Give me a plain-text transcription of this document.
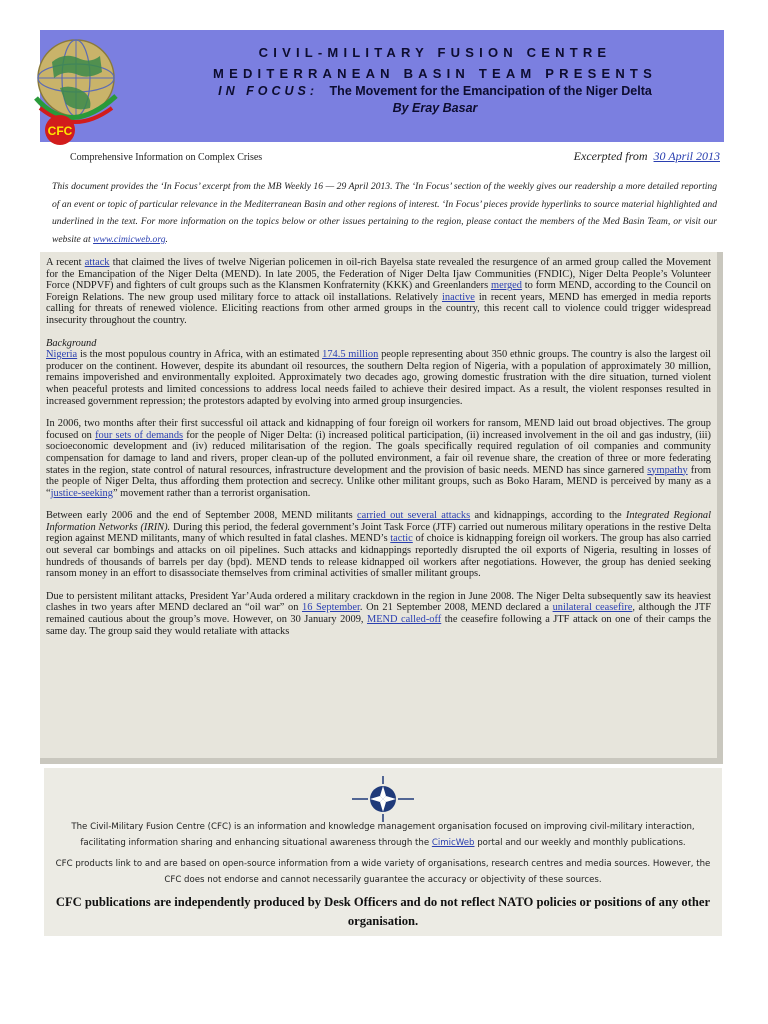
CFC
CIVIL-MILITARY FUSION CENTRE
MEDITERRANEAN BASIN TEAM PRESENTS
IN FOCUS: The Movement for the Emancipation of the Niger Delta
By Eray Basar
Comprehensive Information on Complex Crises	Excerpted from 30 April 2013
This document provides the ‘In Focus’ excerpt from the MB Weekly 16 — 29 April 2013. The ‘In Focus’ section of the weekly gives our readership a more detailed reporting of an event or topic of particular relevance in the Mediterranean Basin and other regions of interest. ‘In Focus’ pieces provide hyperlinks to source material highlighted and underlined in the text. For more information on the topics below or other issues pertaining to the region, please contact the members of the Med Basin Team, or visit our website at www.cimicweb.org.

A recent attack that claimed the lives of twelve Nigerian policemen in oil-rich Bayelsa state revealed the resurgence of an armed group called the Movement for the Emancipation of the Niger Delta (MEND). In late 2005, the Federation of Niger Delta Ijaw Communities (FNDIC), Niger Delta People’s Volunteer Force (NDPVF) and fighters of cult groups such as the Klansmen Konfraternity (KKK) and Greenlanders merged to form MEND, according to the Council on Foreign Relations. The new group used military force to attack oil installations. Relatively inactive in recent years, MEND has emerged in media reports calling for threats of renewed violence. Eliciting reactions from other armed groups in the country, this recent call to violence could trigger widespread insecurity throughout the country.

Background

Nigeria is the most populous country in Africa, with an estimated 174.5 million people representing about 350 ethnic groups. The country is also the largest oil producer on the continent. However, despite its abundant oil resources, the southern Delta region of Nigeria, with a population of approximately 30 million, remains impoverished and environmentally exploited. Approximately two decades ago, growing domestic frustration with the dire situation, turned violent when peaceful protests and limited concessions to address local needs failed to achieve their desired impact. As a result, the violent responses resulted in increased government repression; the protestors adapted by evolving into armed group insurgencies.

In 2006, two months after their first successful oil attack and kidnapping of four foreign oil workers for ransom, MEND laid out broad objectives. The group focused on four sets of demands for the people of Niger Delta: (i) increased political participation, (ii) increased involvement in the oil and gas industry, (iii) socioeconomic development and (iv) reduced militarisation of the region. The goals specifically required regulation of oil companies and community compensation for damage to land and rivers, proper clean-up of the polluted environment, a fair oil revenue share, the creation of three or more federating states in the region, state control of natural resources, infrastructure development and the provision of basic needs. MEND has since garnered sympathy from the people of Niger Delta, thus affording them protection and secrecy. Unlike other militant groups, such as Boko Haram, MEND is perceived by many as a “justice-seeking” movement rather than a terrorist organisation.

Between early 2006 and the end of September 2008, MEND militants carried out several attacks and kidnappings, according to the Integrated Regional Information Networks (IRIN). During this period, the federal government’s Joint Task Force (JTF) carried out numerous military operations in the restive Delta region against MEND militants, many of which resulted in fatal clashes. MEND’s tactic of choice is kidnapping foreign oil workers. The group has also carried out several car bombings and attacks on oil pipelines. Such attacks and kidnappings reportedly disrupted the oil exports of Nigeria, resulting in losses of hundreds of thousands of barrels per day (bpd). MEND tends to release kidnapped oil workers after negotiations. However, the group has denied seeking ransom money in an effort to disassociate themselves from criminal activities of smaller militant groups.

Due to persistent militant attacks, President Yar’Auda ordered a military crackdown in the region in June 2008. The Niger Delta subsequently saw its heaviest clashes in two years after MEND declared an “oil war” on 16 September. On 21 September 2008, MEND declared a unilateral ceasefire, although the JTF remained cautious about the group’s move. However, on 30 January 2009, MEND called-off the ceasefire following a JTF attack on one of their camps the same day. The group said they would retaliate with attacks

The Civil-Military Fusion Centre (CFC) is an information and knowledge management organisation focused on improving civil-military interaction, facilitating information sharing and enhancing situational awareness through the CimicWeb portal and our weekly and monthly publications.
CFC products link to and are based on open-source information from a wide variety of organisations, research centres and media sources. However, the CFC does not endorse and cannot necessarily guarantee the accuracy or objectivity of these sources.
CFC publications are independently produced by Desk Officers and do not reflect NATO policies or positions of any other organisation.
